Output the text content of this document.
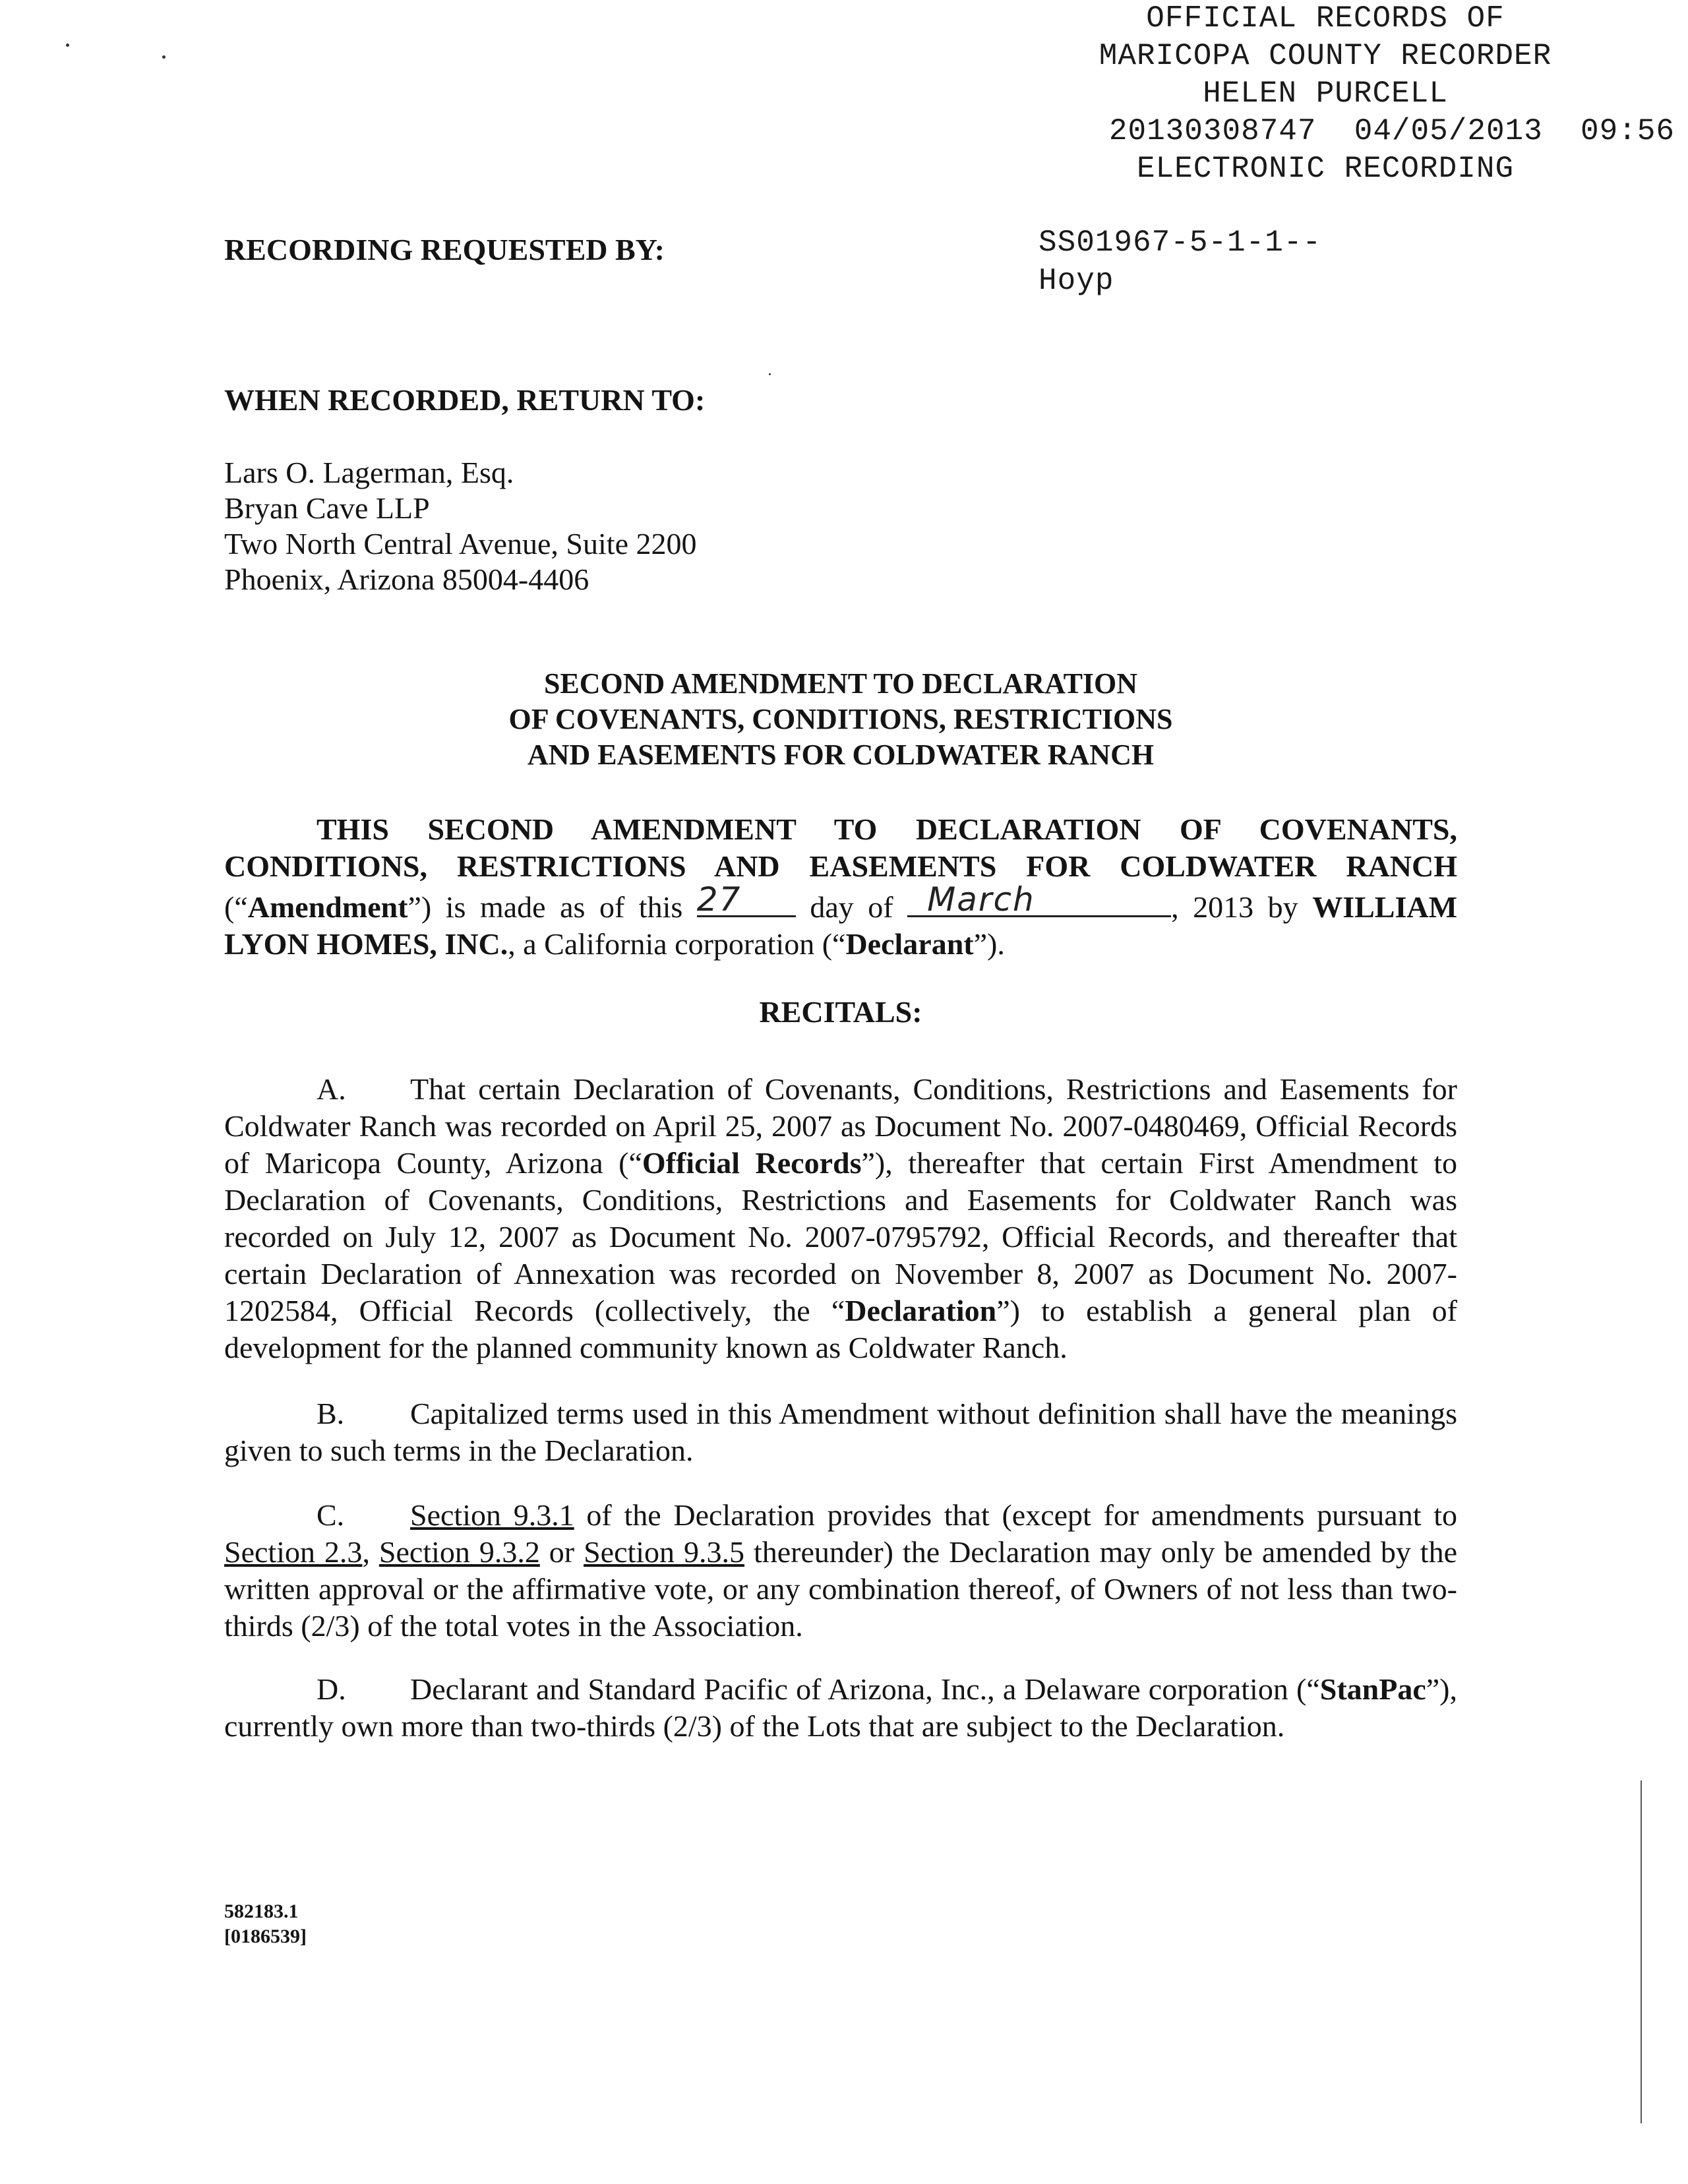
OFFICIAL RECORDS OF
MARICOPA COUNTY RECORDER
HELEN PURCELL
20130308747  04/05/2013  09:56
ELECTRONIC RECORDING
RECORDING REQUESTED BY:	SS01967-5-1-1--
Hoyp
WHEN RECORDED, RETURN TO:
Lars O. Lagerman, Esq.
Bryan Cave LLP
Two North Central Avenue, Suite 2200
Phoenix, Arizona 85004-4406
SECOND AMENDMENT TO DECLARATION
OF COVENANTS, CONDITIONS, RESTRICTIONS
AND EASEMENTS FOR COLDWATER RANCH
THIS SECOND AMENDMENT TO DECLARATION OF COVENANTS,
CONDITIONS, RESTRICTIONS AND EASEMENTS FOR COLDWATER RANCH
(“Amendment”) is made as of this 27	day of	March	, 2013 by WILLIAM
LYON HOMES, INC., a California corporation (“Declarant”).
RECITALS:
A. That certain Declaration of Covenants, Conditions, Restrictions and Easements for Coldwater Ranch was recorded on April 25, 2007 as Document No. 2007-0480469, Official Records of Maricopa County, Arizona (“Official Records”), thereafter that certain First Amendment to Declaration of Covenants, Conditions, Restrictions and Easements for Coldwater Ranch was recorded on July 12, 2007 as Document No. 2007-0795792, Official Records, and thereafter that certain Declaration of Annexation was recorded on November 8, 2007 as Document No. 2007-1202584, Official Records (collectively, the “Declaration”) to establish a general plan of development for the planned community known as Coldwater Ranch.
B. Capitalized terms used in this Amendment without definition shall have the meanings given to such terms in the Declaration.
C. Section 9.3.1 of the Declaration provides that (except for amendments pursuant to Section 2.3, Section 9.3.2 or Section 9.3.5 thereunder) the Declaration may only be amended by the written approval or the affirmative vote, or any combination thereof, of Owners of not less than two-thirds (2/3) of the total votes in the Association.
D. Declarant and Standard Pacific of Arizona, Inc., a Delaware corporation (“StanPac”), currently own more than two-thirds (2/3) of the Lots that are subject to the Declaration.
582183.1
[0186539]
